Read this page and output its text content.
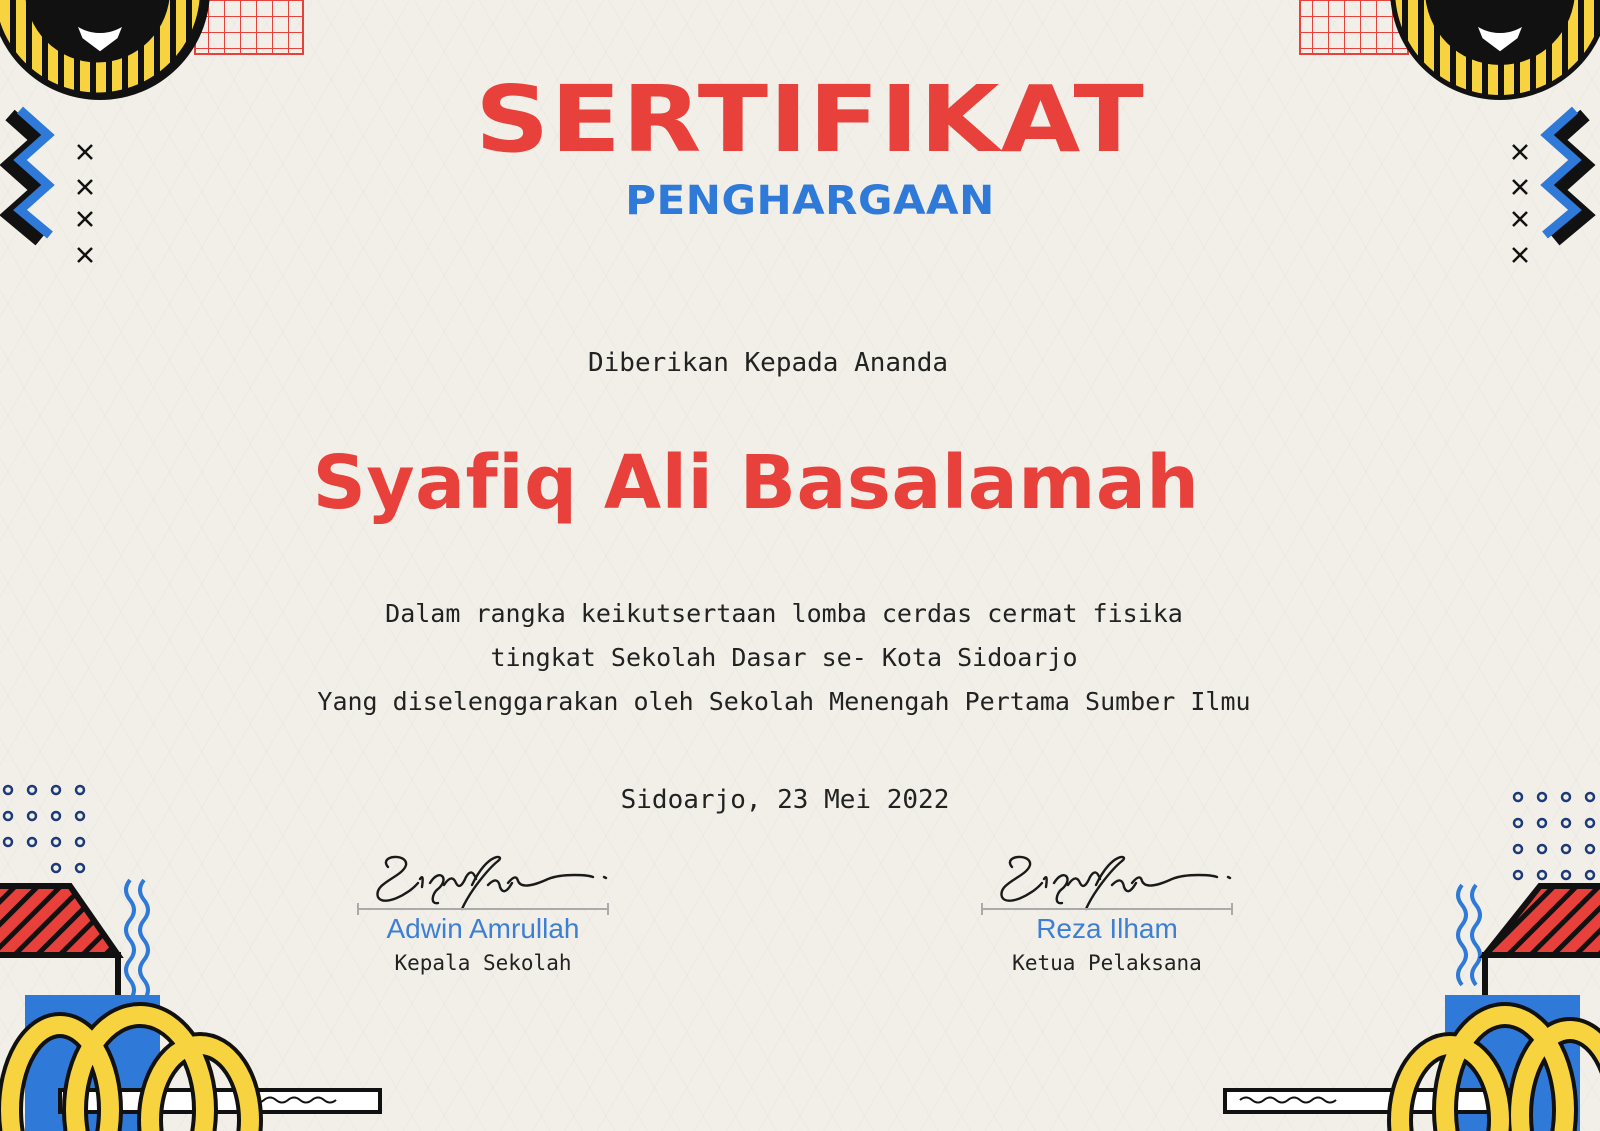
SERTIFIKAT
PENGHARGAAN
Diberikan Kepada Ananda
Syafiq Ali Basalamah
Dalam rangka keikutsertaan lomba cerdas cermat fisika
tingkat Sekolah Dasar se- Kota Sidoarjo
Yang diselenggarakan oleh Sekolah Menengah Pertama Sumber Ilmu
Sidoarjo, 23 Mei 2022
Adwin Amrullah
Kepala Sekolah
Reza Ilham
Ketua Pelaksana
